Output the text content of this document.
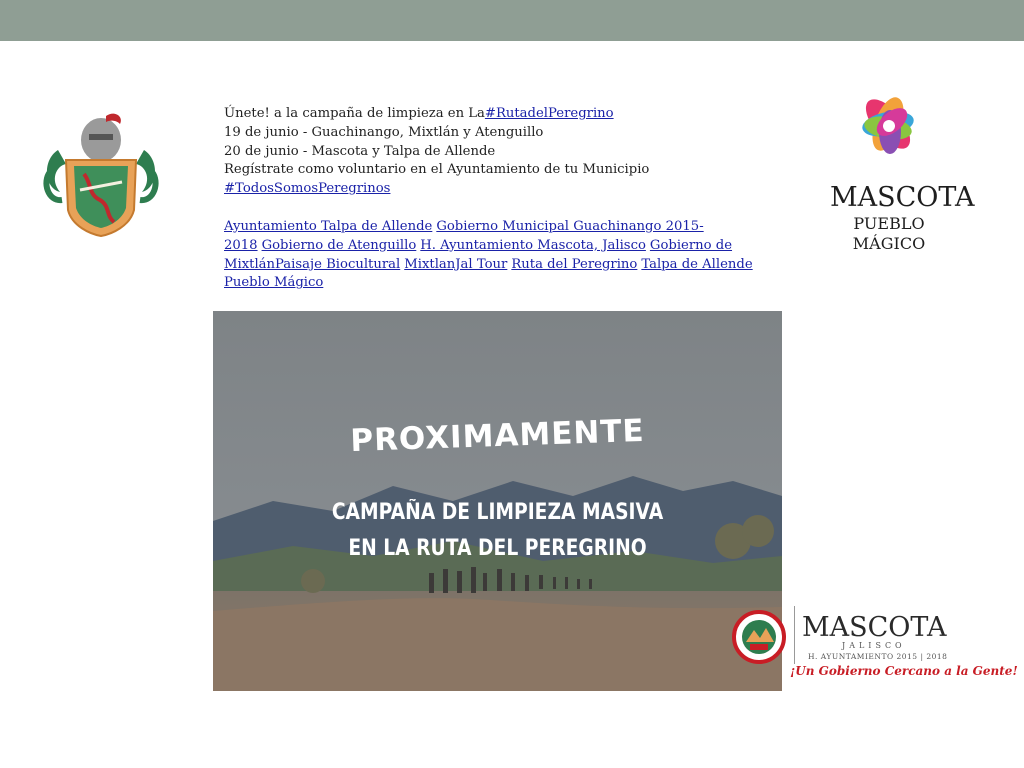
MASCOTA
PUEBLO MÁGICO
Únete! a la campaña de limpieza en La#RutadelPeregrino
19 de junio - Guachinango, Mixtlán y Atenguillo
20 de junio - Mascota y Talpa de Allende
Regístrate como voluntario en el Ayuntamiento de tu Municipio
#TodosSomosPeregrinos
Ayuntamiento Talpa de Allende Gobierno Municipal Guachinango 2015-
2018 Gobierno de Atenguillo H. Ayuntamiento Mascota, Jalisco Gobierno de
MixtlánPaisaje Biocultural MixtlanJal Tour Ruta del Peregrino Talpa de Allende
Pueblo Mágico
PROXIMAMENTE
CAMPAÑA DE LIMPIEZA MASIVA
EN LA RUTA DEL PEREGRINO
MASCOTA
JALISCO
H. AYUNTAMIENTO 2015 | 2018
¡Un Gobierno Cercano a la Gente!
